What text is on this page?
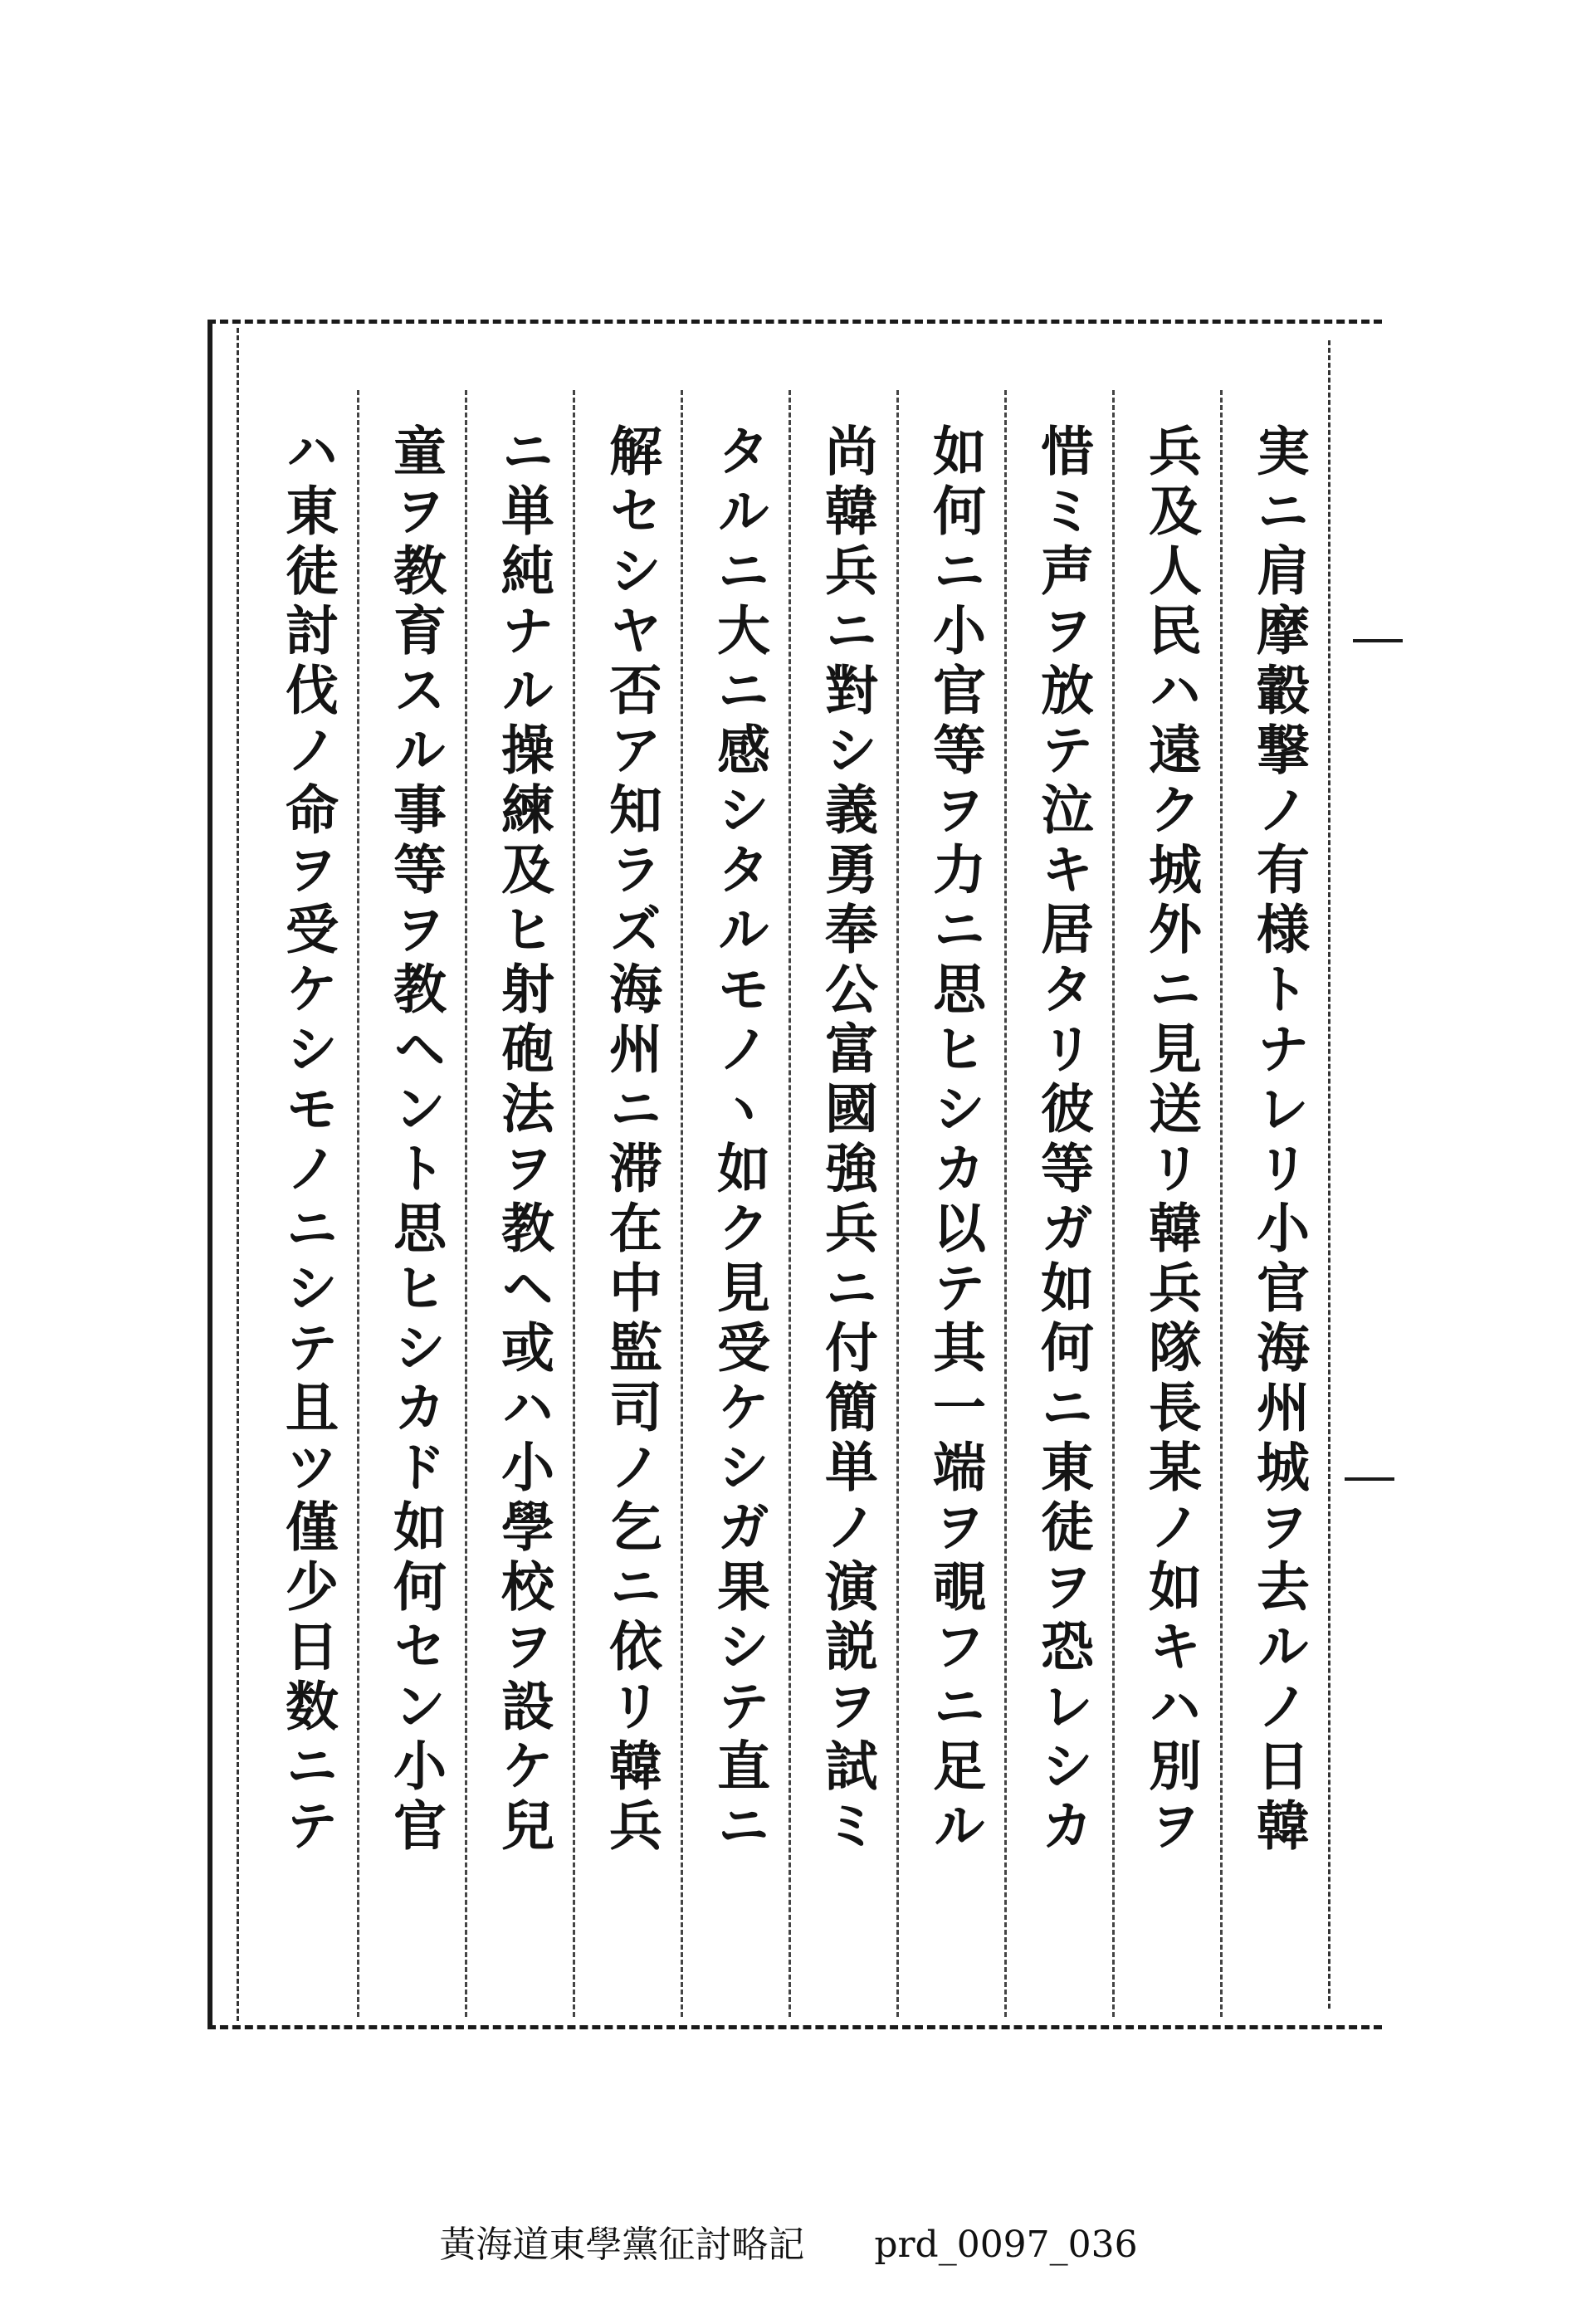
実ニ肩摩轂撃ノ有様トナレリ小官海州城ヲ去ルノ日韓
兵及人民ハ遠ク城外ニ見送リ韓兵隊長某ノ如キハ別ヲ
惜ミ声ヲ放テ泣キ居タリ彼等ガ如何ニ東徒ヲ恐レシカ
如何ニ小官等ヲ力ニ思ヒシカ以テ其一端ヲ覗フニ足ル
尚韓兵ニ對シ義勇奉公富國強兵ニ付簡単ノ演説ヲ試ミ
タルニ大ニ感シタルモノヽ如ク見受ケシガ果シテ直ニ
解セシヤ否ア知ラズ海州ニ滞在中監司ノ乞ニ依リ韓兵
ニ単純ナル操練及ヒ射砲法ヲ教ヘ或ハ小學校ヲ設ケ兒
童ヲ教育スル事等ヲ教ヘント思ヒシカド如何セン小官
ハ東徒討伐ノ命ヲ受ケシモノニシテ且ツ僅少日数ニテ
黃海道東學黨征討略記 prd_0097_036
